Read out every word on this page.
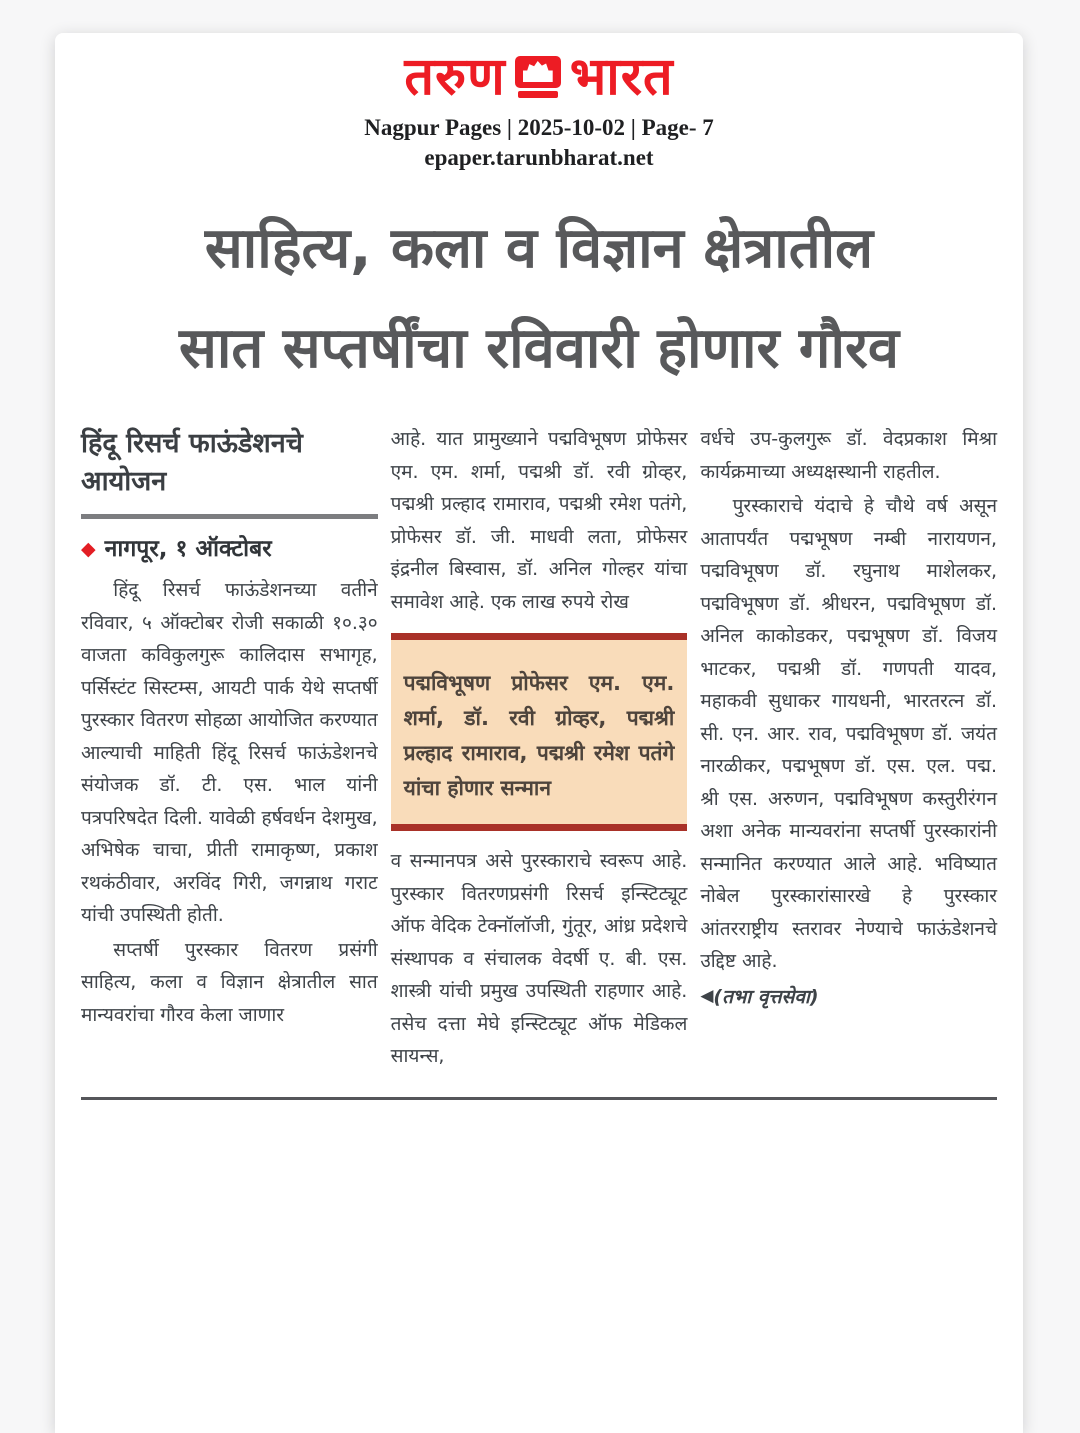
तरुण भारत
Nagpur Pages | 2025-10-02 | Page- 7
epaper.tarunbharat.net
साहित्य, कला व विज्ञान क्षेत्रातील
सात सप्तर्षींचा रविवारी होणार गौरव
हिंदू रिसर्च फाऊंडेशनचे आयोजन
◆ नागपूर, १ ऑक्टोबर

हिंदू रिसर्च फाऊंडेशनच्या वतीने रविवार, ५ ऑक्टोबर रोजी सकाळी १०.३० वाजता कविकुलगुरू कालिदास सभागृह, पर्सिस्टंट सिस्टम्स, आयटी पार्क येथे सप्तर्षी पुरस्कार वितरण सोहळा आयोजित करण्यात आल्याची माहिती हिंदू रिसर्च फाऊंडेशनचे संयोजक डॉ. टी. एस. भाल यांनी पत्रपरिषदेत दिली. यावेळी हर्षवर्धन देशमुख, अभिषेक चाचा, प्रीती रामाकृष्ण, प्रकाश रथकंठीवार, अरविंद गिरी, जगन्नाथ गराट यांची उपस्थिती होती.

सप्तर्षी पुरस्कार वितरण प्रसंगी साहित्य, कला व विज्ञान क्षेत्रातील सात मान्यवरांचा गौरव केला जाणार

आहे. यात प्रामुख्याने पद्मविभूषण प्रोफेसर एम. एम. शर्मा, पद्मश्री डॉ. रवी ग्रोव्हर, पद्मश्री प्रल्हाद रामाराव, पद्मश्री रमेश पतंगे, प्रोफेसर डॉ. जी. माधवी लता, प्रोफेसर इंद्रनील बिस्वास, डॉ. अनिल गोल्हर यांचा समावेश आहे. एक लाख रुपये रोख

पद्मविभूषण प्रोफेसर एम. एम. शर्मा, डॉ. रवी ग्रोव्हर, पद्मश्री प्रल्हाद रामाराव, पद्मश्री रमेश पतंगे यांचा होणार सन्मान

व सन्मानपत्र असे पुरस्काराचे स्वरूप आहे. पुरस्कार वितरणप्रसंगी रिसर्च इन्स्टिट्यूट ऑफ वेदिक टेक्नॉलॉजी, गुंतूर, आंध्र प्रदेशचे संस्थापक व संचालक वेदर्षी ए. बी. एस. शास्त्री यांची प्रमुख उपस्थिती राहणार आहे. तसेच दत्ता मेघे इन्स्टिट्यूट ऑफ मेडिकल सायन्स,

वर्धचे उप-कुलगुरू डॉ. वेदप्रकाश मिश्रा कार्यक्रमाच्या अध्यक्षस्थानी राहतील.

पुरस्काराचे यंदाचे हे चौथे वर्ष असून आतापर्यंत पद्मभूषण नम्बी नारायणन, पद्मविभूषण डॉ. रघुनाथ माशेलकर, पद्मविभूषण डॉ. श्रीधरन, पद्मविभूषण डॉ. अनिल काकोडकर, पद्मभूषण डॉ. विजय भाटकर, पद्मश्री डॉ. गणपती यादव, महाकवी सुधाकर गायधनी, भारतरत्न डॉ. सी. एन. आर. राव, पद्मविभूषण डॉ. जयंत नारळीकर, पद्मभूषण डॉ. एस. एल. पद्म. श्री एस. अरुणन, पद्मविभूषण कस्तुरीरंगन अशा अनेक मान्यवरांना सप्तर्षी पुरस्कारांनी सन्मानित करण्यात आले आहे. भविष्यात नोबेल पुरस्कारांसारखे हे पुरस्कार आंतरराष्ट्रीय स्तरावर नेण्याचे फाऊंडेशनचे उद्दिष्ट आहे.

◀(तभा वृत्तसेवा)
